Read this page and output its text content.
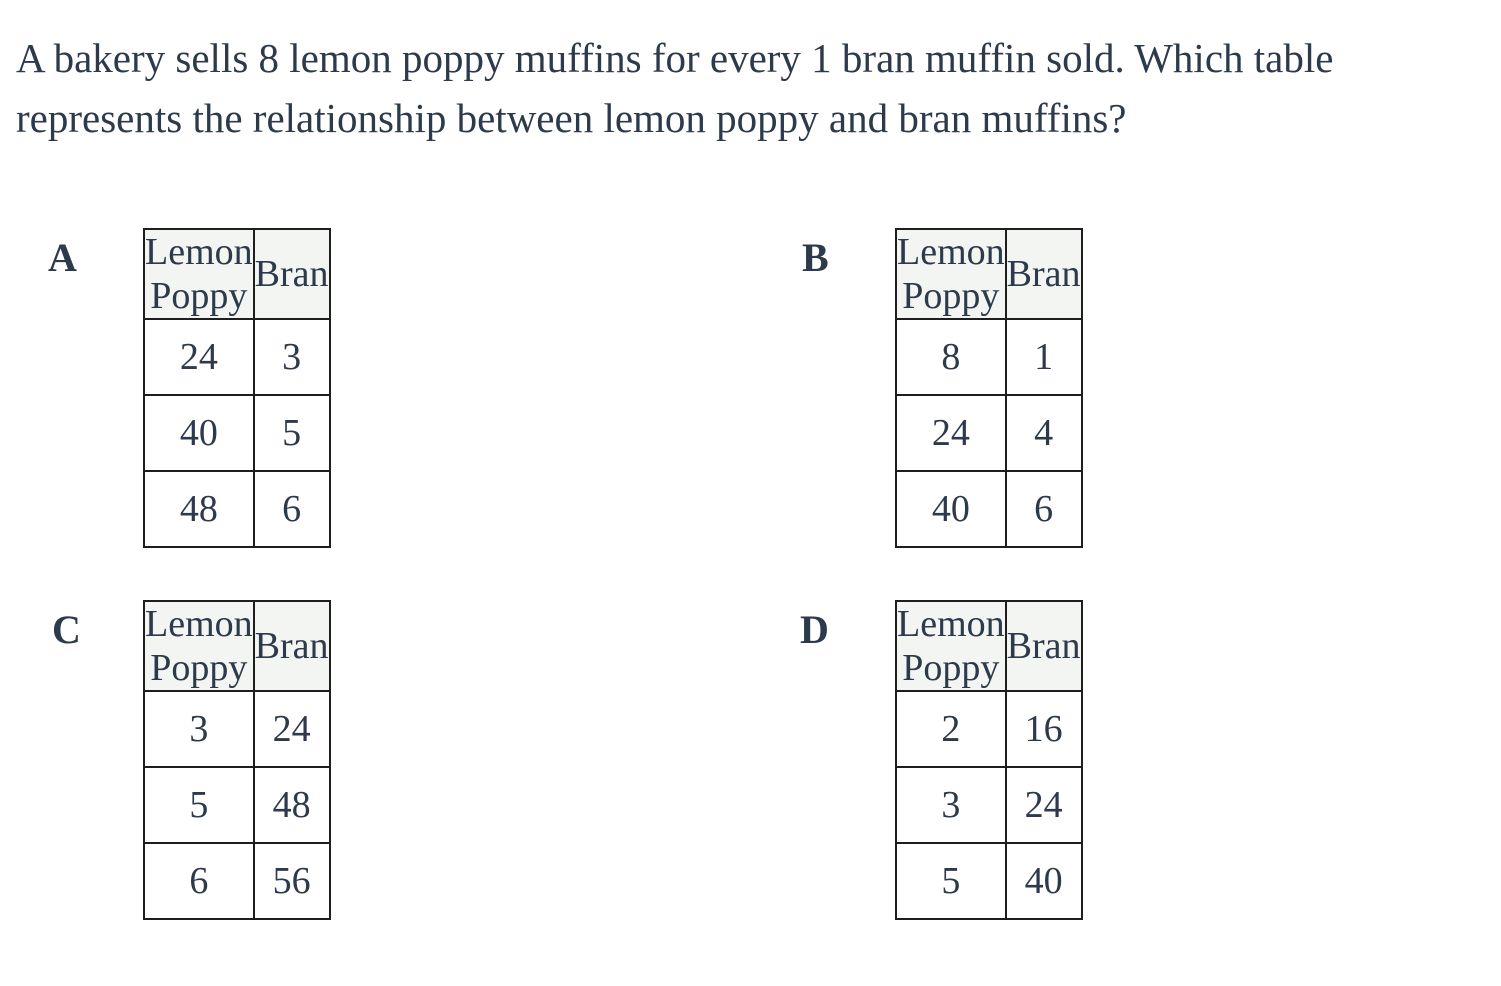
A bakery sells 8 lemon poppy muffins for every 1 bran muffin sold. Which table represents the relationship between lemon poppy and bran muffins?

A Lemon Poppy	Bran
24	3
40	5
48	6
B Lemon Poppy	Bran
8	1
24	4
40	6
C Lemon Poppy	Bran
3	24
5	48
6	56
D Lemon Poppy	Bran
2	16
3	24
5	40
